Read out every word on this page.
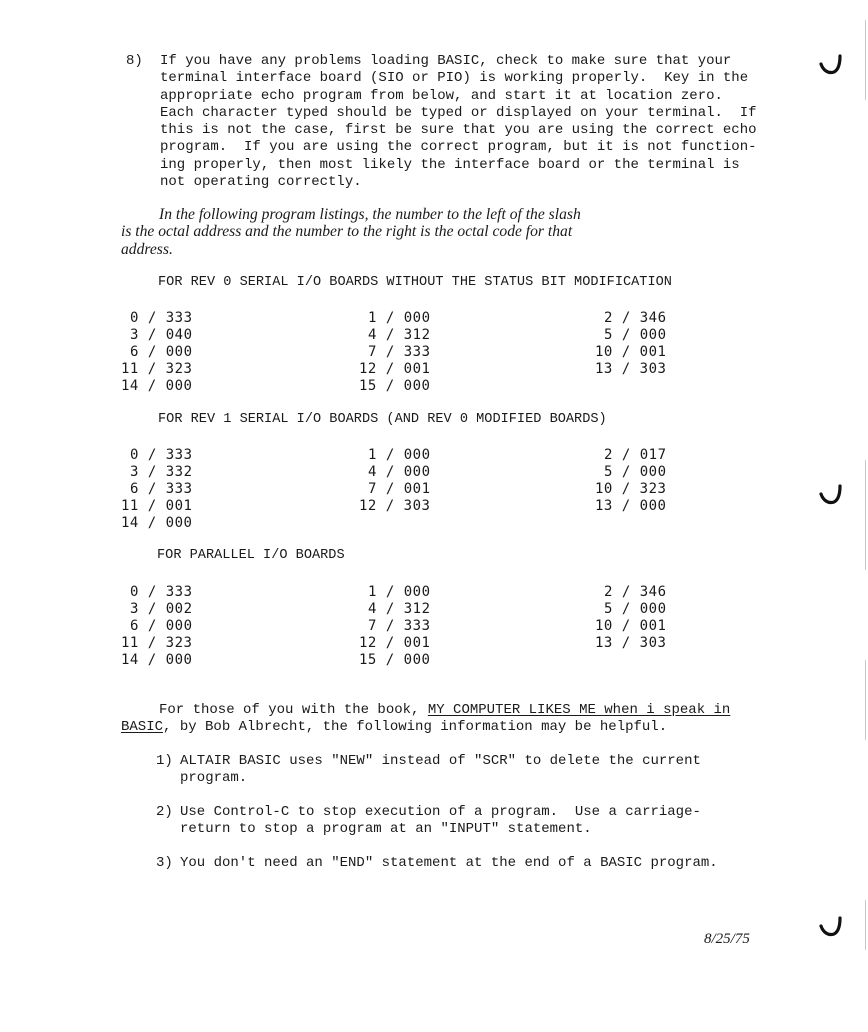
8) If you have any problems loading BASIC, check to make sure that your
terminal interface board (SIO or PIO) is working properly.  Key in the
appropriate echo program from below, and start it at location zero.
Each character typed should be typed or displayed on your terminal.  If
this is not the case, first be sure that you are using the correct echo
program.  If you are using the correct program, but it is not function-
ing properly, then most likely the interface board or the terminal is
not operating correctly.
In the following program listings, the number to the left of the slash
is the octal address and the number to the right is the octal code for that
address.
FOR REV 0 SERIAL I/O BOARDS WITHOUT THE STATUS BIT MODIFICATION
0 / 333
3 / 040
6 / 000
11 / 323
14 / 000
1 / 000
4 / 312
7 / 333
12 / 001
15 / 000
2 / 346
5 / 000
10 / 001
13 / 303
FOR REV 1 SERIAL I/O BOARDS (AND REV 0 MODIFIED BOARDS)
0 / 333
3 / 332
6 / 333
11 / 001
14 / 000
1 / 000
4 / 000
7 / 001
12 / 303
2 / 017
5 / 000
10 / 323
13 / 000
FOR PARALLEL I/O BOARDS
0 / 333
3 / 002
6 / 000
11 / 323
14 / 000
1 / 000
4 / 312
7 / 333
12 / 001
15 / 000
2 / 346
5 / 000
10 / 001
13 / 303
For those of you with the book, MY COMPUTER LIKES ME when i speak in
BASIC, by Bob Albrecht, the following information may be helpful.
1) ALTAIR BASIC uses "NEW" instead of "SCR" to delete the current
program.
2) Use Control-C to stop execution of a program.  Use a carriage-
return to stop a program at an "INPUT" statement.
3) You don't need an "END" statement at the end of a BASIC program.
8/25/75
